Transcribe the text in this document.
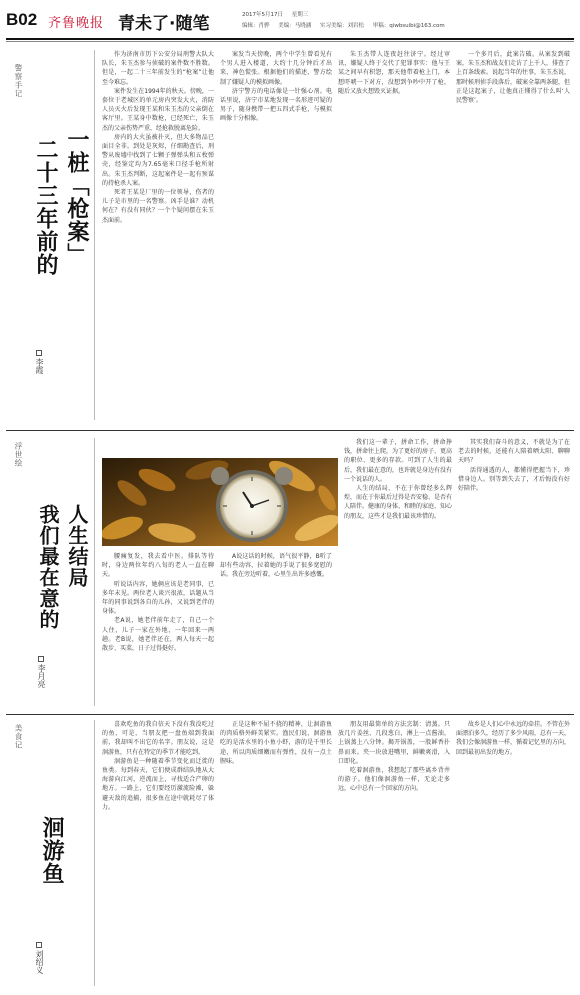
B02 齐鲁晚报 青未了·随笔	2017年5月17日 星期三
编辑：肖骅 美编：马晓涵 实习美编：刘岩松 审稿：qiwbsuibi@163.com
警察手记
一桩「枪案」
二十三年前的
李霞

作为济南市历下公安分局刑警大队大队长，朱玉杰参与侦破的案件数不胜数。但是，一起二十三年前发生的“枪案”让他至今难忘。

案件发生在1994年的秋天。傍晚，一套位于老城区的单元房内突发大火，消防人员灭火后发现王某和朱玉杰的父亲倒在客厅里。王某身中数枪，已经死亡，朱玉杰的父亲伤势严重，经抢救脱离危险。

房内的大火虽被扑灭，但大多物品已面目全非。到处是灰烬，仔细勘查后，刑警从废墟中找到了七颗子弹弹头和五枚弹壳，经鉴定均为7.65毫米口径手枪所射出。朱玉杰判断，这起案件是一起有预谋的持枪杀人案。

死者王某是厂里的一位领导，伤者的儿子是市里的一名警察。凶手是谁？动机何在？有没有同伙？一个个疑问摆在朱玉杰面前。

案发当天傍晚，两个中学生曾看见有个男人进入楼道，大约十几分钟后才出来，神色慌张。根据他们的描述，警方绘制了嫌疑人的模拟画像。

济宁警方的电话像是一针强心剂。电话里说，济宁市某地发现一名形迹可疑的男子，随身携带一把五四式手枪，与模拟画像十分相像。

朱玉杰带人连夜赶往济宁。经过审讯，嫌疑人终于交代了犯罪事实：他与王某之间早有积怨，那天他带着枪上门，本想吓唬一下对方，没想到争吵中开了枪，随后又放火想毁灭证据。

一个多月后，此案告破。从案发到破案，朱玉杰和战友们走访了上千人，排查了上百条线索。说起当年的往事，朱玉杰说，那时候刑侦手段落后，破案全靠两条腿，但正是这起案子，让他真正懂得了什么叫‘人民警察’。

浮世绘
人生结局
我们最在意的
李月亮

腰痛复发，我去看中医。排队等待时，身边两位年约八旬的老人一直在聊天。

听说话内容，她俩应该是老同事，已多年未见。两位老人谈兴很浓，话题从当年的同事说到各自的儿孙，又说到老伴的身体。

老A说，她老伴前年走了，自己一个人住，儿子一家在外地，一年回来一两趟。老B说，她老伴还在，两人每天一起散步、买菜，日子过得挺好。

A说这话的时候，语气很平静，B听了却有些动容，拉着她的手说了很多宽慰的话。我在旁边听着，心里生出许多感慨。

我们这一辈子，拼命工作，拼命挣钱，拼命往上爬，为了更好的房子、更高的职位、更多的存款。可到了人生的最后，我们最在意的，也许就是身边有没有一个说话的人。

人生的结局，不在于你曾经多么辉煌，而在于你最后过得是否安稳、是否有人陪伴。健康的身体、和睦的家庭、知心的朋友，这些才是我们最该珍惜的。

其实我们奋斗的意义，不就是为了在老去的时候，还能有人陪着晒太阳、聊聊天吗？

活得通透的人，都懂得把握当下，珍惜身边人。别等到失去了，才后悔没有好好陪伴。

美食记
洄游鱼
刘绍义

喜欢吃鱼的我自信天下没有我没吃过的鱼，可是，当朋友把一盘鱼端到我面前，我却叫不出它的名字。朋友说，这是洄游鱼，只有在特定的季节才能吃到。

洄游鱼是一种随着季节变化而迁徙的鱼类。每到春天，它们便成群结队地从大海游向江河，逆流而上，寻找适合产卵的地方。一路上，它们要经历激流险滩，躲避天敌的追捕，很多鱼在途中就耗尽了体力。

正是这种不屈不挠的精神，让洄游鱼的肉质格外鲜美紧实。渔民们说，洄游鱼吃的是活水里的小鱼小虾，游的是千里长途，所以肉质细嫩而有弹性，没有一点土腥味。

朋友用最简单的方法烹制：清蒸。只放几片姜丝、几段葱白，淋上一点酱油，上锅蒸上八分钟。揭开锅盖，一股鲜香扑鼻而来。夹一块放进嘴里，鲜嫩爽滑，入口即化。

吃着洄游鱼，我想起了那些离乡背井的游子。他们像洄游鱼一样，无论走多远，心中总有一个回家的方向。

故乡是人们心中永远的牵挂。不管在外面漂泊多久，经历了多少风雨，总有一天，我们会像洄游鱼一样，循着记忆里的方向，回到最初出发的地方。
